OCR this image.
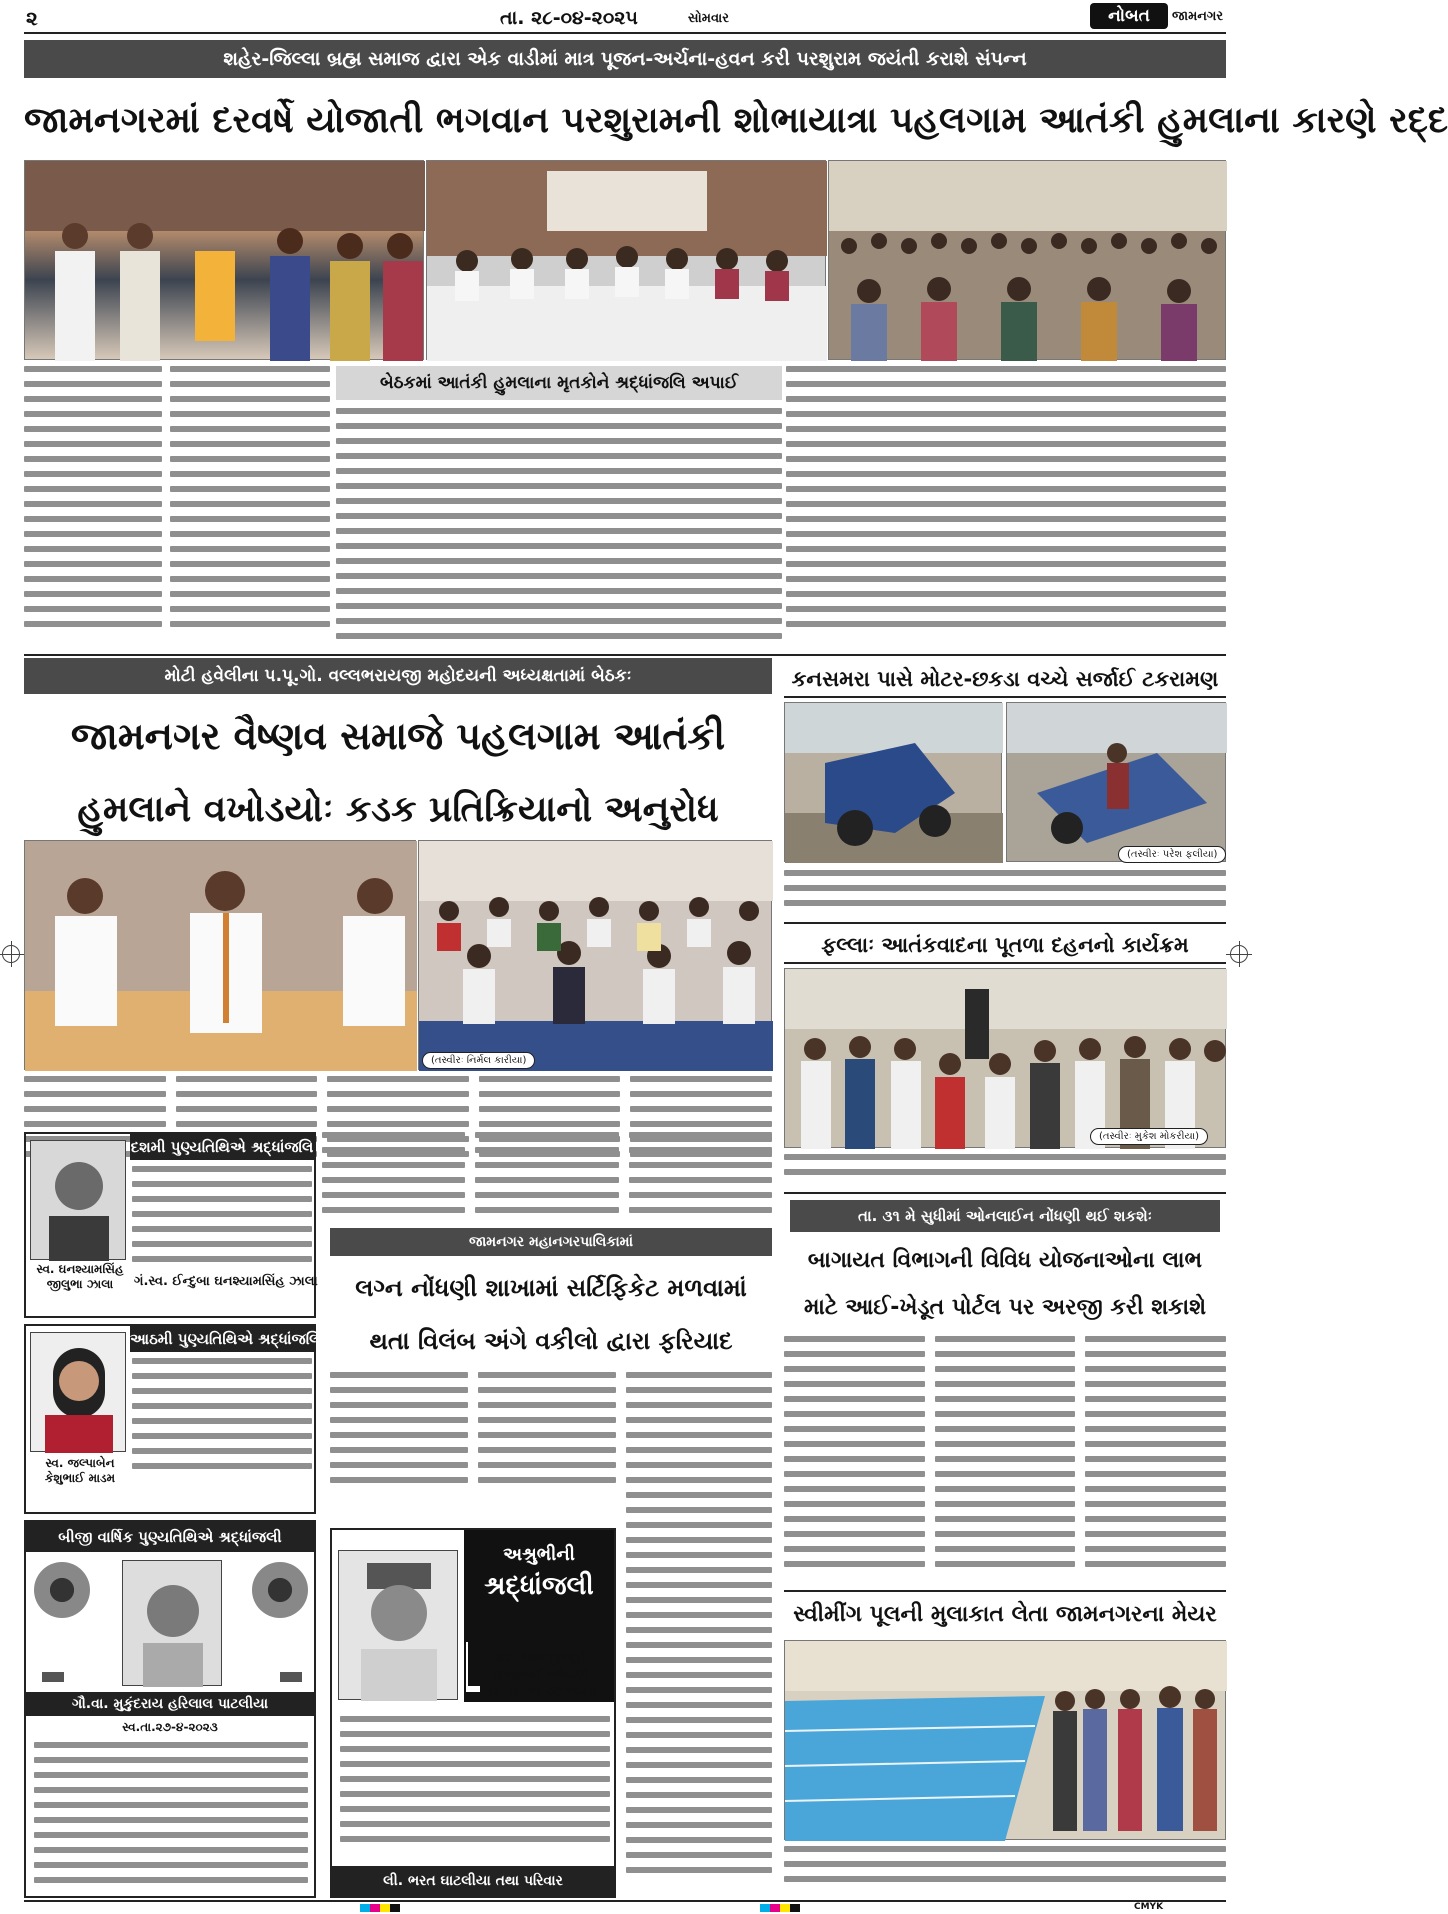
૨	તા. ૨૮-૦૪-૨૦૨૫	સોમવાર	નોબત	જામનગર
શહેર-જિલ્લા બ્રહ્મ સમાજ દ્વારા એક વાડીમાં માત્ર પૂજન-અર્ચના-હવન કરી પરશુરામ જયંતી કરાશે સંપન્ન
જામનગરમાં દરવર્ષે યોજાતી ભગવાન પરશુરામની શોભાયાત્રા પહલગામ આતંકી હુમલાના કારણે રદ્દ
બેઠકમાં આતંકી હુમલાના મૃતકોને શ્રદ્ધાંજલિ અપાઈ
મોટી હવેલીના પ.પૂ.ગો. વલ્લભરાયજી મહોદયની અધ્યક્ષતામાં બેઠકઃ
જામનગર વૈષ્ણવ સમાજે પહલગામ આતંકી
હુમલાને વખોડયોઃ કડક પ્રતિક્રિયાનો અનુરોધ
(તસ્વીરઃ નિર્મલ કારીયા)
દશમી પુણ્યતિથિએ શ્રદ્ધાંજલિ
સ્વ. ઘનશ્યામસિંહ જીલુભા ઝાલા	ગં.સ્વ. ઈન્દુબા ઘનશ્યામસિંહ ઝાલા
આઠમી પુણ્યતિથિએ શ્રદ્ધાંજલિ
સ્વ. જલ્પાબેન કેશુભાઈ માડમ
બીજી વાર્ષિક પુણ્યતિથિએ શ્રદ્ધાંજલી
ગૌ.વા. મુકુંદરાય હરિલાલ પાટલીયા
સ્વ.તા.૨૭-૪-૨૦૨૩
જામનગર મહાનગરપાલિકામાં
લગ્ન નોંધણી શાખામાં સર્ટિફિકેટ મળવામાં
થતા વિલંબ અંગે વકીલો દ્વારા ફરિયાદ
અશ્રુભીની
શ્રદ્ધાંજલી
સ્વ. લાલજીભાઈ
મુળજીભાઈ બદીયાણી
સ્વ. તા. ૨૬-૦૪-૨૦૨૫
લી. ભરત ઘાટલીયા તથા પરિવાર
કનસમરા પાસે મોટર-છકડા વચ્ચે સર્જાઈ ટકરામણ
(તસ્વીરઃ પરેશ ફલીયા)
ફલ્લાઃ આતંકવાદના પૂતળા દહનનો કાર્યક્રમ
(તસ્વીરઃ મુકેશ મોકરીયા)
તા. ૩૧ મે સુધીમાં ઓનલાઈન નોંધણી થઈ શકશેઃ
બાગાયત વિભાગની વિવિધ યોજનાઓના લાભ
માટે આઈ-ખેડૂત પોર્ટલ પર અરજી કરી શકાશે
સ્વીમીંગ પૂલની મુલાકાત લેતા જામનગરના મેયર
CMYK
